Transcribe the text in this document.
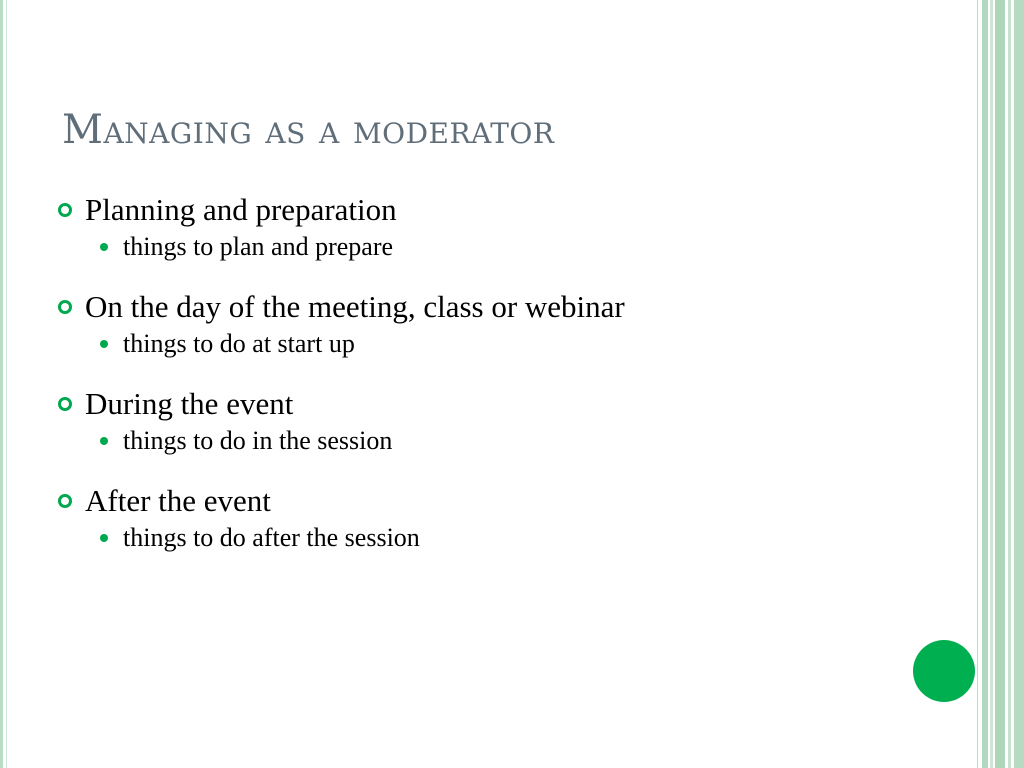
Managing as a moderator
Planning and preparation
things to plan and prepare
On the day of the meeting, class or webinar
things to do at start up
During the event
things to do in the session
After the event
things to do after the session
